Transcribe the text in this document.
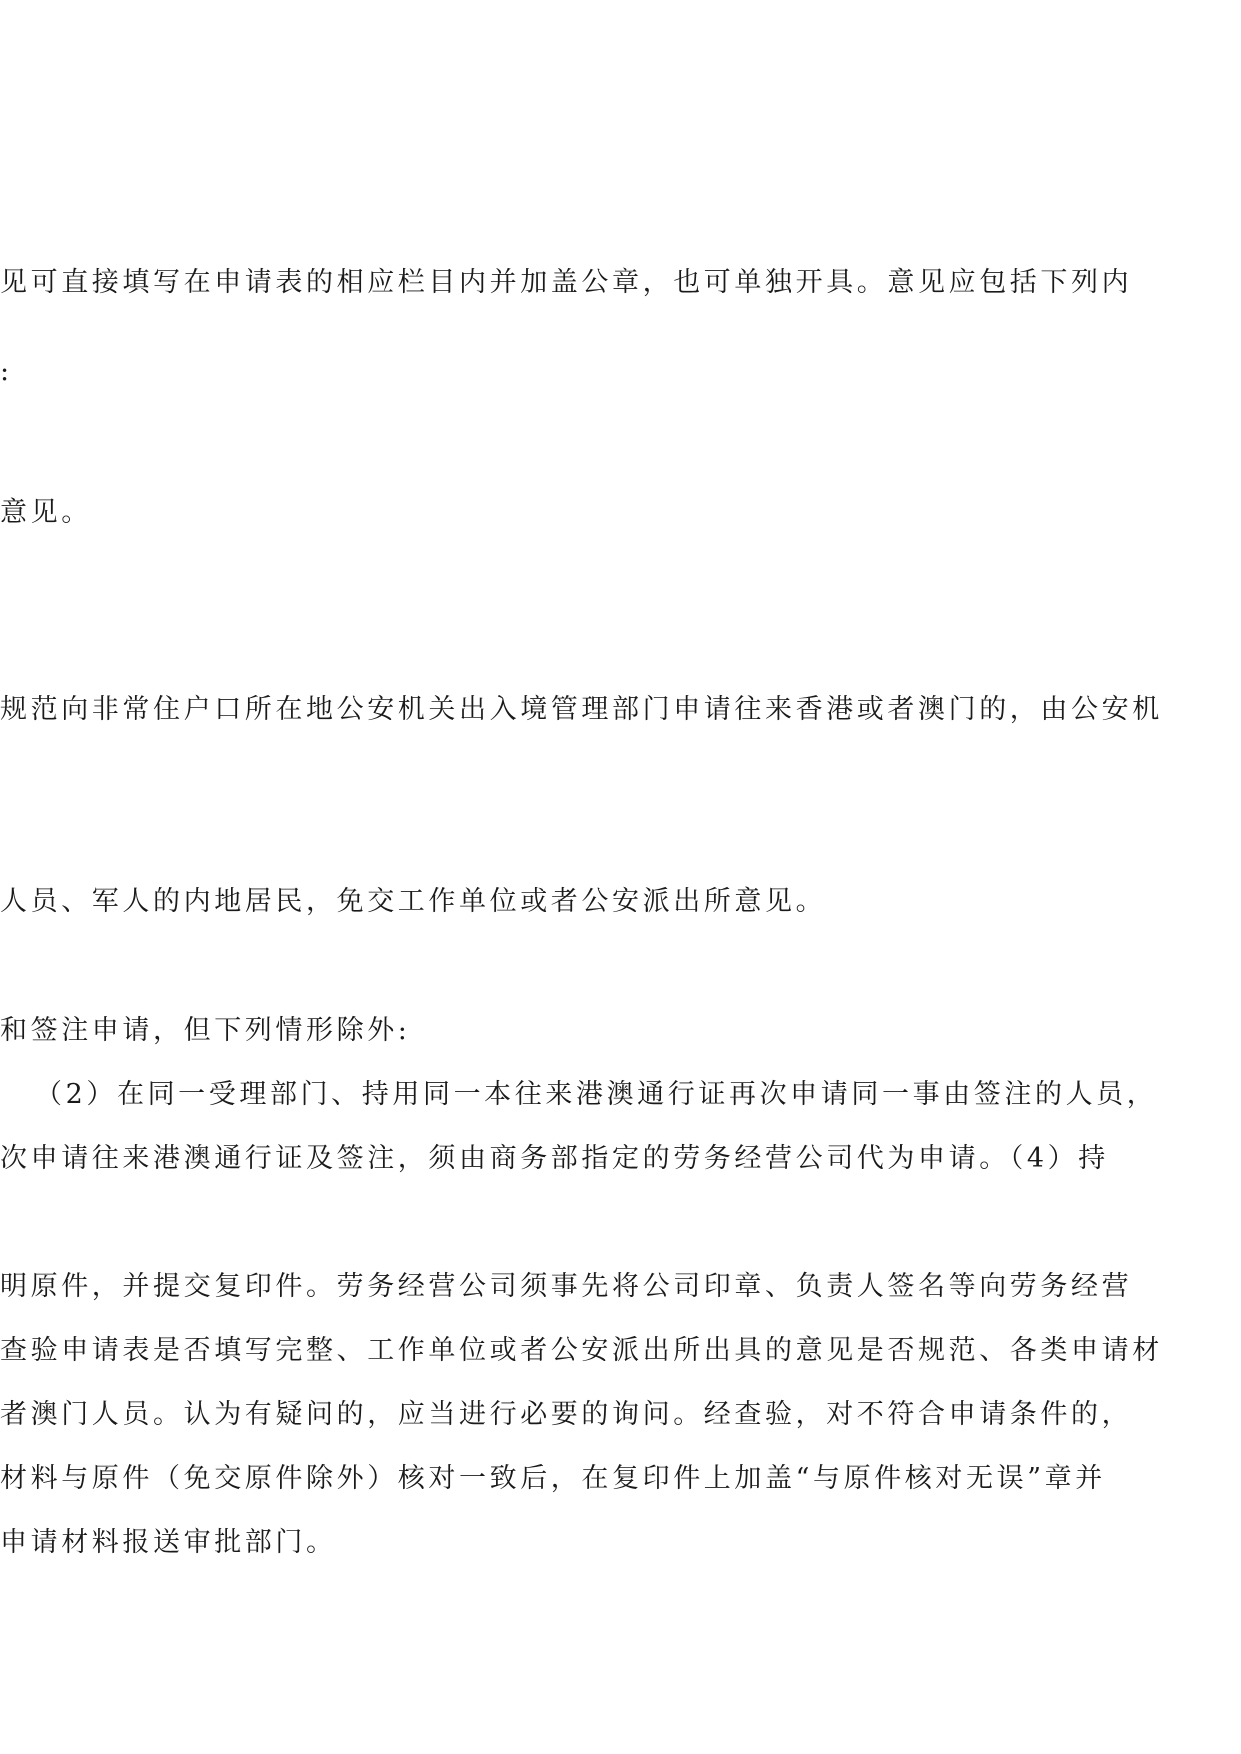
见可直接填写在申请表的相应栏目内并加盖公章，也可单独开具。意见应包括下列内
:
意见。
规范向非常住户口所在地公安机关出入境管理部门申请往来香港或者澳门的，由公安机
人员、军人的内地居民，免交工作单位或者公安派出所意见。
和签注申请，但下列情形除外:
（2）在同一受理部门、持用同一本往来港澳通行证再次申请同一事由签注的人员，
次申请往来港澳通行证及签注，须由商务部指定的劳务经营公司代为申请。（4）持
明原件，并提交复印件。劳务经营公司须事先将公司印章、负责人签名等向劳务经营
查验申请表是否填写完整、工作单位或者公安派出所出具的意见是否规范、各类申请材
者澳门人员。认为有疑问的，应当进行必要的询问。经查验，对不符合申请条件的，
材料与原件（免交原件除外）核对一致后，在复印件上加盖“与原件核对无误”章并
申请材料报送审批部门。
